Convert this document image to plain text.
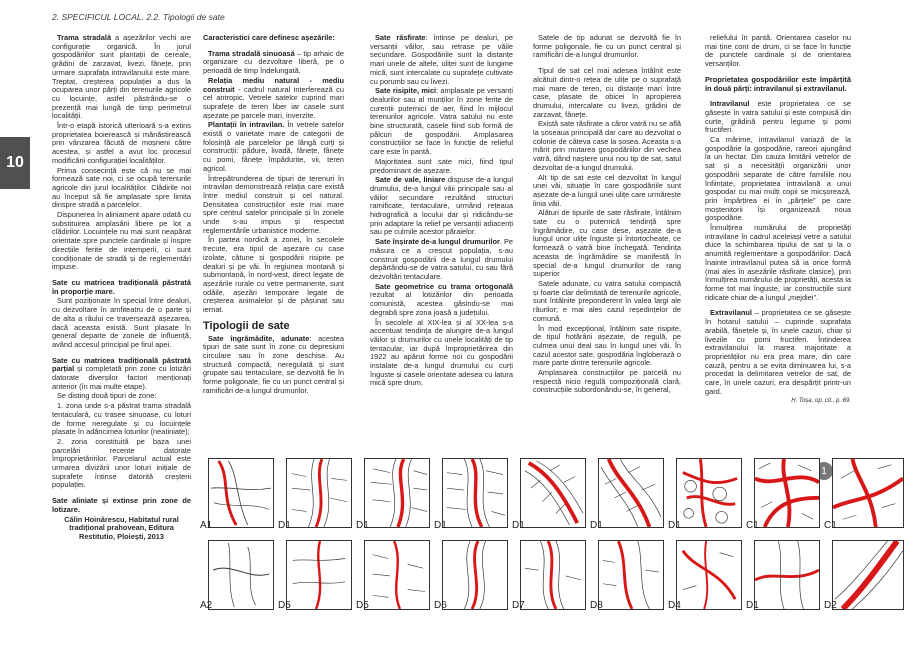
2. SPECIFICUL LOCAL. 2.2. Tipologii de sate
10

Trama stradală a așezărilor vechi are configurație organică. În jurul gospodăriilor sunt plantații de cereale, grădini de zarzavat, livezi, fânețe, prin urmare suprafața intravilanului este mare. Treptat, creșterea populației a dus la ocuparea unor părți din terenurile agricole cu locuințe, astfel păstrându-se o prezență mai lungă de timp perimetrul localității.

Într-o etapă istorică ulterioară s-a extins proprietatea boierească și mănăstirească prin vânzarea făcută de moșneni către acestea, și astfel a avut loc procesul modificării configurației localităților.

Prima consecință este că nu se mai formează sate noi, ci se ocupă terenurile agricole din jurul localităților. Clădirile noi au început să fie amplasate spre limita dinspre stradă a parcelelor.

Dispunerea în aliniament apare odată cu substituirea amplasării libere pe lot a clădirilor. Locuințele nu mai sunt neapărat orientate spre punctele cardinale și înspre direcțiile ferite de intemperii, ci sunt condiționate de stradă și de reglementări impuse.

Sate cu matricea tradițională păstrată în proporție mare.

Sunt poziționate în special între dealuri, cu dezvoltare în amfiteatru de o parte și de alta a râului ce traversează așezarea, dacă aceasta există. Sunt plasate în general departe de zonele de influență, având accesul principal pe firul apei.

Sate cu matricea tradițională păstrată parțial și completată prin zone cu lotizări datorate diverșilor factori menționați anterior (în mai multe etape).

Se disting două tipuri de zone:

1. zona unde s-a păstrat trama stradală tentaculară, cu trasee sinuoase, cu loturi de forme neregulate și cu locuințele plasate în adâncimea loturilor (neaIiniate);

2. zona constituită pe baza unei parcelări recente datorate împroprietăririlor. Parcelarul actual este urmarea divizării unor loturi inițiale de suprafețe întinse datorită creșterii populației.

Sate aliniate și extinse prin zone de lotizare.

Călin Hoinărescu, Habitatul rural tradițional prahovean, Editura Restitutio, Ploiești, 2013

Caracteristici care definesc așezările:

Trama stradală sinuoasă – tip arhaic de organizare cu dezvoltare liberă, pe o perioadă de timp îndelungată.

Relația mediu natural - mediu construit - cadrul natural interferează cu cel antropic. Vetrele satelor cuprind mari suprafețe de teren liber iar casele sunt așezate pe parcele mari, inverzite.

Plantații în intravilan. În vetrele satelor există o varietate mare de categorii de folosință ale parcelelor pe lângă curți și construcții: pădure, livadă, fânețe, fânețe cu pomi, fânețe împădurite, vii, teren agricol.

Întrepătrunderea de tipuri de terenuri în intravilan demonstrează relația care există între mediul construit și cel natural. Densitatea construcțiilor este mai mare spre centrul satelor principale și în zonele unde s-au impus și respectat reglementările urbanistice moderne.

În partea nordică a zonei, în secolele trecute, era tipul de așezare cu case izolate, câtune și gospodării risipite pe dealuri și pe văi. În regiunea montană și submontană, în nord-vest, direct legate de așezările rurale cu vetre permanente, sunt odăile, așezări temporare legate de creșterea animalelor și de pășunat sau iernat.

Tipologii de sate

Sate îngrămădite, adunate: acestea tipuri de sate sunt în zone cu depresiuni circulare sau în zone deschise. Au structură compactă, neregulată și sunt grupate sau tentaculare, se dezvoltă fie în forme poligonale, fie cu un punct central și ramificări de-a lungul drumurilor.

Sate răsfirate: întinse pe dealuri, pe versanții văilor, sau retrase pe văile secundare. Gospodăriile sunt la distanțe mari unele de altele, uliței sunt de lungime mică, sunt intercalate cu suprafețe cultivate cu porumb sau cu livezi.

Sate risipite, mici: amplasate pe versanți dealurilor sau al munților în zone ferite de curenții puternici de aer, fiind în mijlocul terenurilor agricole. Vatra satului nu este bine structurată, casele fiind sub formă de pâlcuri de gospodării. Amplasarea construcțiilor se face în funcție de relieful care este în pantă.

Majoritatea sunt sate mici, fiind tipul predominant de așezare.

Sate de vale, liniare dispuse de-a lungul drumului, de-a lungul văii principale sau al văilor secundare rezultând structuri ramificate, tentaculare, urmând rețeaua hidrografică a locului dar și ridicându-se prin adaptare la relief pe versanții adiacenți sau pe culmile acestor păraielor.

Sate înșirate de-a lungul drumurilor. Pe măsura ce a crescut populația, s-au construit gospodării de-a lungul drumului depărtându-se de vatra satului, cu sau fără dezvoltări tentaculare.

Sate geometrice cu trama ortogonală rezultat al lotizărilor din perioada comunistă, acestea găsindu-se mai degrabă spre zona joasă a județului.

În secolele al XIX-lea și al XX-lea s-a accentuat tendința de alungire de-a lungul văilor și drumurilor cu unele localități de tip tentacular, iar după împroprietărirea din 1922 au apărut forme noi cu gospodării instalate de-a lungul drumului cu curți înguste și casele orientate adesea cu latura mică spre drum.

Satele de tip adunat se dezvoltă fie în forme poligonale, fie cu un punct central și ramificări de-a lungul drumurilor.

Tipul de sat cel mai adesea întâlnit este alcătuit dintr-o rețea de ulițe pe o suprafață mai mare de teren, cu distanțe mari între case, plasate de obicei în apropierea drumului, intercalate cu livezi, grădini de zarzavat, fânețe.

Există sate răsfirate a căror vatră nu se află la șoseaua principală dar care au dezvoltat o colonie de câteva case la șosea. Aceasta s-a mărit prin mutarea gospodăriilor din vechea vatră, dând naștere unui nou tip de sat, satul dezvoltat de-a lungul drumului.

Alt tip de sat este cel dezvoltat în lungul unei văi, situație în care gospodăriile sunt așezate de-a lungul unei ulițe care urmărește linia văii.

Alături de tipurile de sate răsfirate, întâlnim sate cu o puternică tendință spre îngrămădire, cu case dese, așezate de-a lungul unor ulițe înguste și întortocheate, ce formează o vatră bine închegată. Tendința aceasta de îngrămădire se manifestă în special de-a lungul drumurilor de rang superior

Satele adunate, cu vatra satului compactă și foarte clar delimitată de terenurile agricole, sunt întâlnite preponderent în valea largi ale râurilor; e mai ales cazul reședințelor de comună.

În mod excepțional, întâlnim sate risipite, de tipul hotărârii așezate, de regulă, pe culmea unui deal sau în lungul unei văi. În cazul acestor sate, gospodăria îngloberază o mare parte dintre terenurile agricole.

Amplasarea construcțiilor pe parcelă nu respectă nicio regulă compozițională clară, construcțiile subordonându-se, în general,

reliefului în pantă. Orientarea caselor nu mai ține cont de drum, ci se face în funcție de punctele cardinale și de orientarea versanților.

Proprietatea gospodăriilor este împărțită în două părți: intravilanul și extravilanul.

Intravilanul este proprietatea ce se găsește în vatra satului și este compusă din curte, grădină pentru legume și pomi fructiferi.

Ca mărime, intravilanul variază de la gospodărie la gospodărie, rareori ajungând la un hectar. Din cauza limitării vetrelor de sat și a necesității organizării unor gospodării separate de către familiile nou înființate, proprietatea intravilană a unui gospodar cu mai mulți copii se micșorează, prin împărțirea ei în „părțele” pe care moștenitorii își organizează noua gospodărie.

Înmulțirea numărului de proprietăți intravilane în cadrul aceleiași vetre a satului duce la schimbarea tipului de sat și la o anumită reglementare a gospodăriilor. Dacă înainte intravilanul putea să ia orice formă (mai ales în așezările răsfirate clasice), prin înmulțirea numărului de proprietăți, acesta ia forme tot mai înguste, iar construcțiile sunt ridicate chiar de-a lungul „mejdiei”.

Extravilanul – proprietatea ce se găsește în hotarul satului – cuprinde suprafața arabilă, fânețele și, în unele cazuri, chiar și livezile cu pomi fructiferi. Întinderea extravilanului la marea majoritate a proprietăților nu era prea mare, din care cauză, pentru a se evita diminuarea lui, s-a procedat la delimitarea vetrelor de sat, de care, în unele cazuri, era despărțit printr-un gard.

H. Toșa, op. cit., p. 69.

1
A1	D1	D1	D1	D1	D1	D1	C1	C1
A2	D5	D5	D6	D7	D8	D4	D1	D2
